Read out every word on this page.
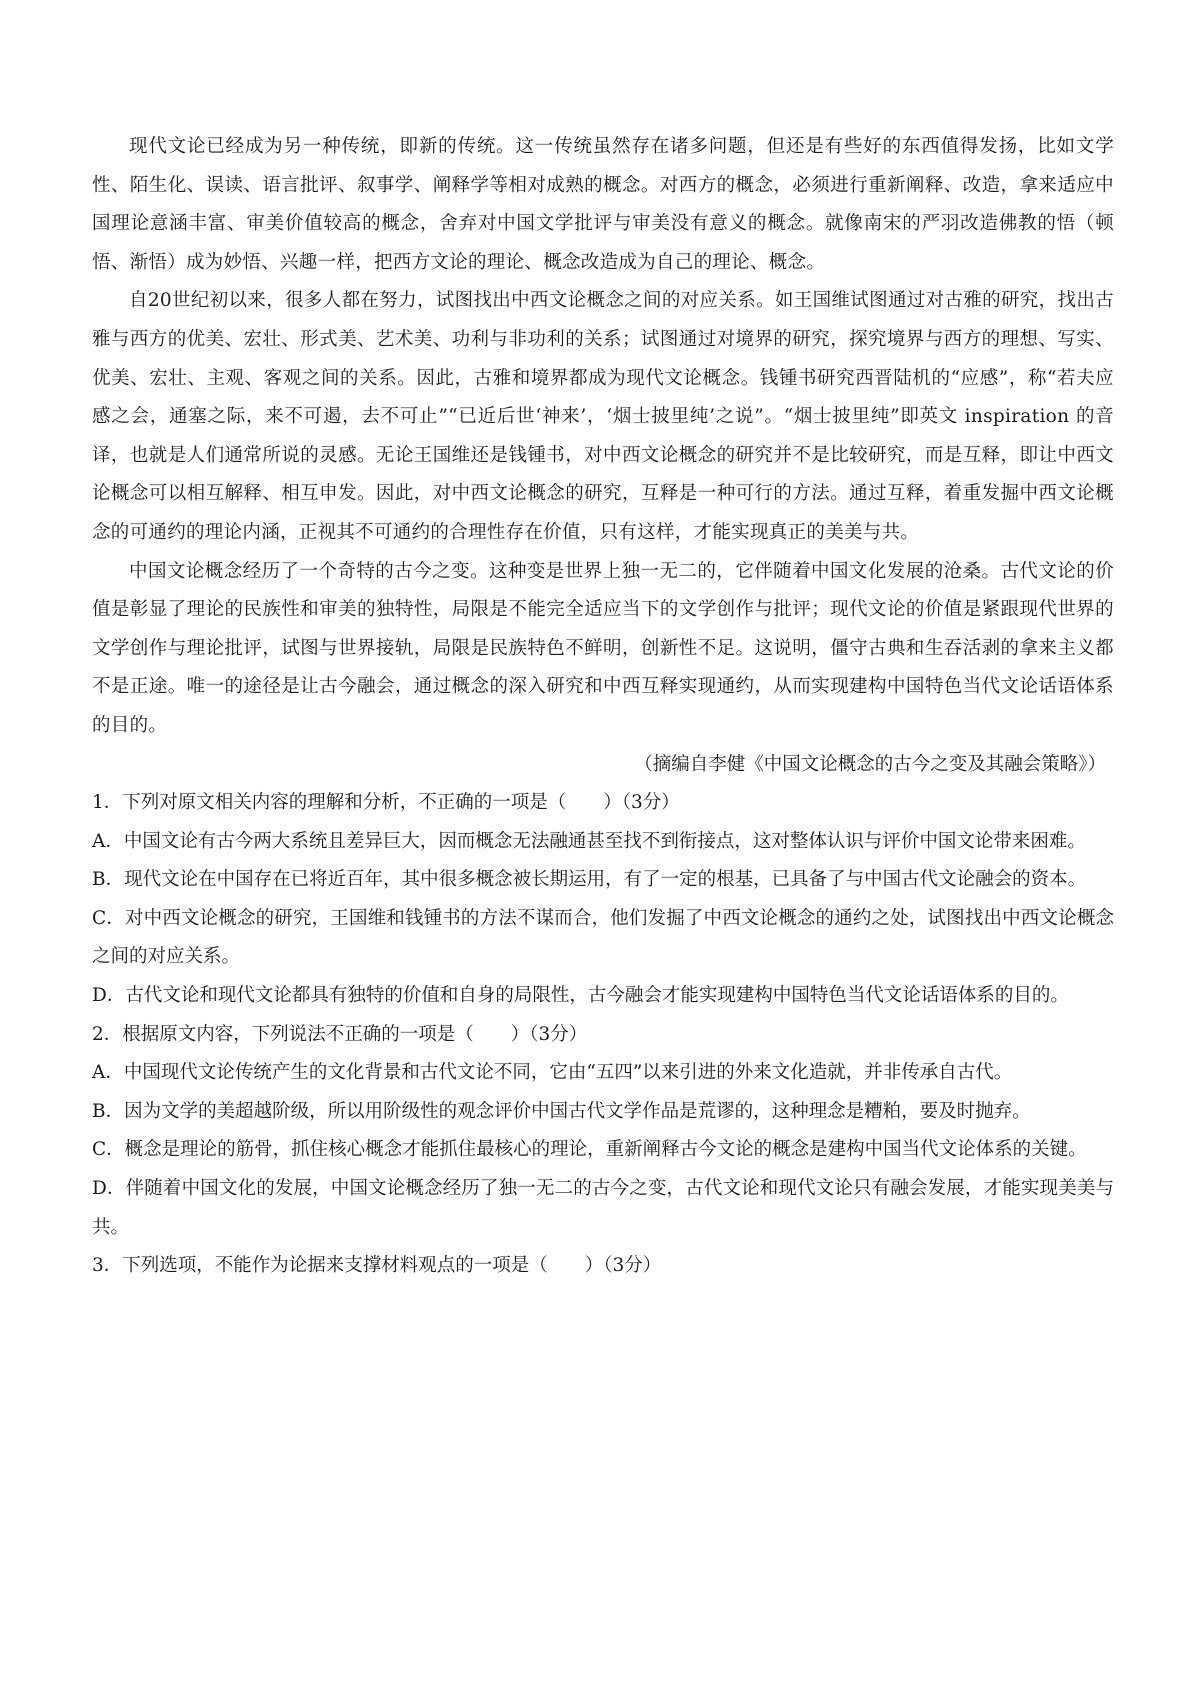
现代文论已经成为另一种传统，即新的传统。这一传统虽然存在诸多问题，但还是有些好的东西值得发扬，比如文学性、陌生化、误读、语言批评、叙事学、阐释学等相对成熟的概念。对西方的概念，必须进行重新阐释、改造，拿来适应中国理论意涵丰富、审美价值较高的概念，舍弃对中国文学批评与审美没有意义的概念。就像南宋的严羽改造佛教的悟（顿悟、渐悟）成为妙悟、兴趣一样，把西方文论的理论、概念改造成为自己的理论、概念。

自20世纪初以来，很多人都在努力，试图找出中西文论概念之间的对应关系。如王国维试图通过对古雅的研究，找出古雅与西方的优美、宏壮、形式美、艺术美、功利与非功利的关系；试图通过对境界的研究，探究境界与西方的理想、写实、优美、宏壮、主观、客观之间的关系。因此，古雅和境界都成为现代文论概念。钱锺书研究西晋陆机的“应感”，称“若夫应感之会，通塞之际，来不可遏，去不可止”“已近后世‘神来’，‘烟士披里纯’之说”。“烟士披里纯”即英文 inspiration 的音译，也就是人们通常所说的灵感。无论王国维还是钱锺书，对中西文论概念的研究并不是比较研究，而是互释，即让中西文论概念可以相互解释、相互申发。因此，对中西文论概念的研究，互释是一种可行的方法。通过互释，着重发掘中西文论概念的可通约的理论内涵，正视其不可通约的合理性存在价值，只有这样，才能实现真正的美美与共。

中国文论概念经历了一个奇特的古今之变。这种变是世界上独一无二的，它伴随着中国文化发展的沧桑。古代文论的价值是彰显了理论的民族性和审美的独特性，局限是不能完全适应当下的文学创作与批评；现代文论的价值是紧跟现代世界的文学创作与理论批评，试图与世界接轨，局限是民族特色不鲜明，创新性不足。这说明，僵守古典和生吞活剥的拿来主义都不是正途。唯一的途径是让古今融会，通过概念的深入研究和中西互释实现通约，从而实现建构中国特色当代文论话语体系的目的。

（摘编自李健《中国文论概念的古今之变及其融会策略》）

1．下列对原文相关内容的理解和分析，不正确的一项是（　　）（3分）

A．中国文论有古今两大系统且差异巨大，因而概念无法融通甚至找不到衔接点，这对整体认识与评价中国文论带来困难。

B．现代文论在中国存在已将近百年，其中很多概念被长期运用，有了一定的根基，已具备了与中国古代文论融会的资本。

C．对中西文论概念的研究，王国维和钱锺书的方法不谋而合，他们发掘了中西文论概念的通约之处，试图找出中西文论概念之间的对应关系。

D．古代文论和现代文论都具有独特的价值和自身的局限性，古今融会才能实现建构中国特色当代文论话语体系的目的。

2．根据原文内容，下列说法不正确的一项是（　　）（3分）

A．中国现代文论传统产生的文化背景和古代文论不同，它由“五四”以来引进的外来文化造就，并非传承自古代。

B．因为文学的美超越阶级，所以用阶级性的观念评价中国古代文学作品是荒谬的，这种理念是糟粕，要及时抛弃。

C．概念是理论的筋骨，抓住核心概念才能抓住最核心的理论，重新阐释古今文论的概念是建构中国当代文论体系的关键。

D．伴随着中国文化的发展，中国文论概念经历了独一无二的古今之变，古代文论和现代文论只有融会发展，才能实现美美与共。

3．下列选项，不能作为论据来支撑材料观点的一项是（　　）（3分）
